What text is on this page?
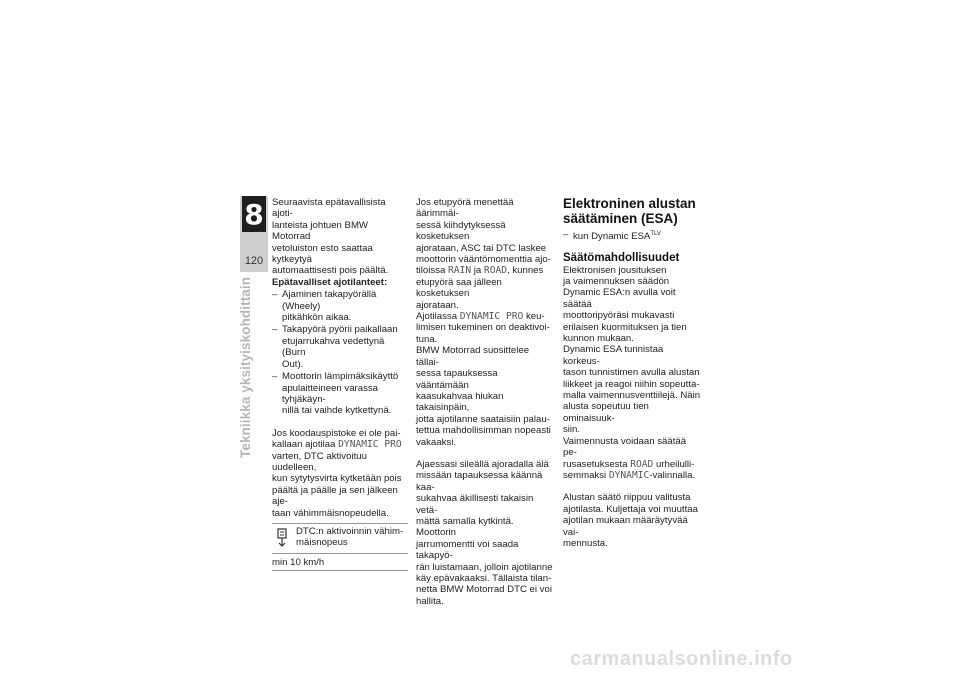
8
120
Tekniikka yksityiskohdittain

Seuraavista epätavallisista ajoti-
lanteista johtuen BMW Motorrad
vetoluiston esto saattaa kytkeytyä
automaattisesti pois päältä.

Epätavalliset ajotilanteet:

– Ajaminen takapyörällä (Wheely)
pitkähkön aikaa.
– Takapyörä pyörii paikallaan
etujarrukahva vedettynä (Burn
Out).
– Moottorin lämpimäksikäyttö
apulaitteineen varassa tyhjäkäyn-
nillä tai vaihde kytkettynä.

Jos koodauspistoke ei ole pai-
kallaan ajotilaa DYNAMIC PRO
varten, DTC aktivoituu uudelleen,
kun sytytysvirta kytketään pois
päältä ja päälle ja sen jälkeen aje-
taan vähimmäisnopeudella.

DTC:n aktivoinnin vähim-
mäisnopeus
min 10 km/h

Jos etupyörä menettää äärimmäi-
sessä kiihdytyksessä kosketuksen
ajorataan, ASC tai DTC laskee
moottorin vääntömomenttia ajo-
tiloissa RAIN ja ROAD, kunnes
etupyörä saa jälleen kosketuksen
ajorataan.

Ajotilassa DYNAMIC PRO keu-
limisen tukeminen on deaktivoi-
tuna.

BMW Motorrad suosittelee tällai-
sessa tapauksessa vääntämään
kaasukahvaa hiukan takaisinpäin,
jotta ajotilanne saataisiin palau-
tettua mahdollisimman nopeasti
vakaaksi.

Ajaessasi sileällä ajoradalla älä
missään tapauksessa käännä kaa-
sukahvaa äkillisesti takaisin vetä-
mättä samalla kytkintä. Moottorin
jarrumomentti voi saada takapyö-
rän luistamaan, jolloin ajotilanne
käy epävakaaksi. Tällaista tilan-
netta BMW Motorrad DTC ei voi
hallita.

Elektroninen alustan
säätäminen (ESA)
– kun Dynamic $ESA^{TLV}$
Säätömahdollisuudet

Elektronisen jousituksen
ja vaimennuksen säädön
Dynamic ESA:n avulla voit säätää
moottoripyöräsi mukavasti
erilaisen kuormituksen ja tien
kunnon mukaan.

Dynamic ESA tunnistaa korkeus-
tason tunnistimen avulla alustan
liikkeet ja reagoi niihin sopeutta-
malla vaimennusventtiilejä. Näin
alusta sopeutuu tien ominaisuuk-
siin.

Vaimennusta voidaan säätää pe-
rusasetuksesta ROAD urheilulli-
semmaksi DYNAMIC-valinnalla.

Alustan säätö riippuu valitusta
ajotilasta. Kuljettaja voi muuttaa
ajotilan mukaan määräytyvää vai-
mennusta.

carmanualsonline.info
